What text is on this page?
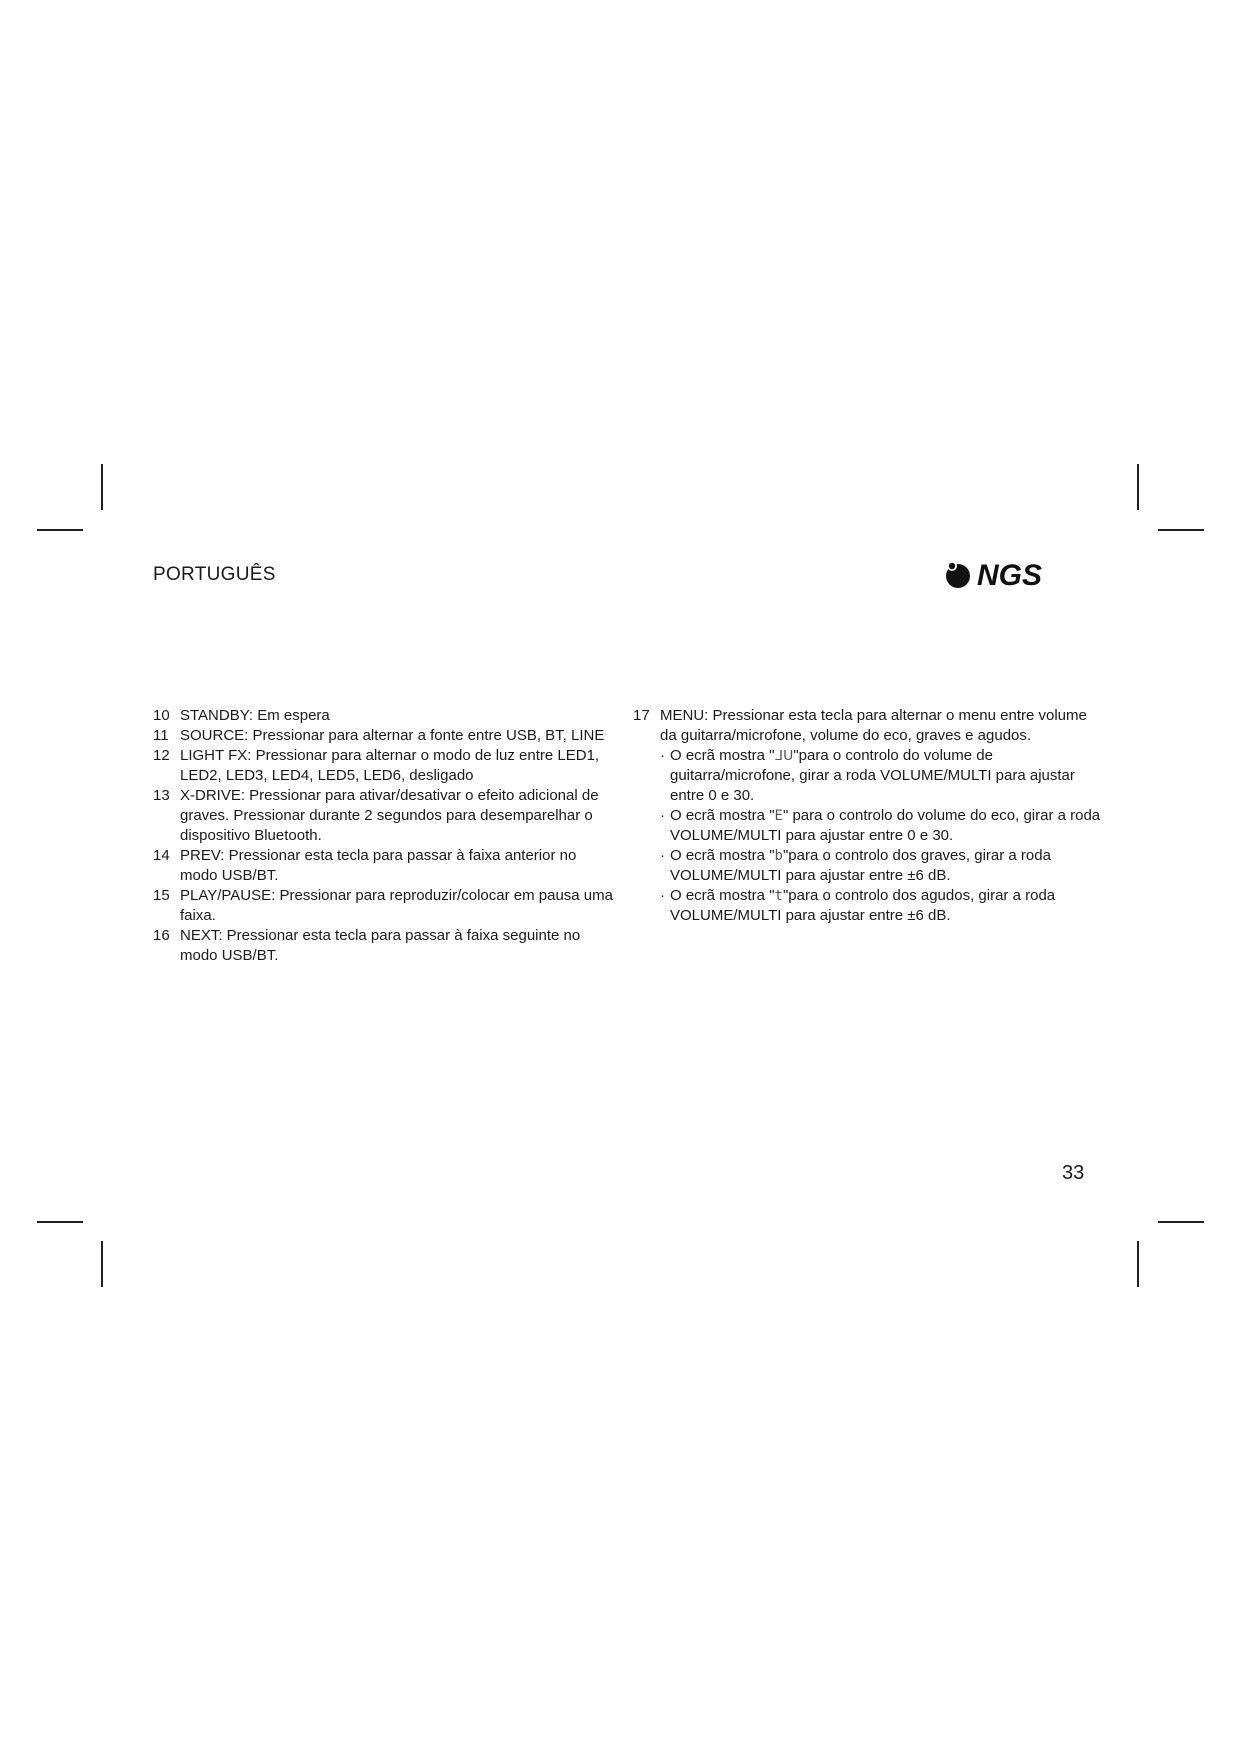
PORTUGUÊS	NGS
10 STANDBY: Em espera
11 SOURCE: Pressionar para alternar a fonte entre USB, BT, LINE
12 LIGHT FX: Pressionar para alternar o modo de luz entre LED1, LED2, LED3, LED4, LED5, LED6, desligado
13 X-DRIVE: Pressionar para ativar/desativar o efeito adicional de graves. Pressionar durante 2 segundos para desemparelhar o dispositivo Bluetooth.
14 PREV: Pressionar esta tecla para passar à faixa anterior no modo USB/BT.
15 PLAY/PAUSE: Pressionar para reproduzir/colocar em pausa uma faixa.
16 NEXT: Pressionar esta tecla para passar à faixa seguinte no modo USB/BT.
17 MENU: Pressionar esta tecla para alternar o menu entre volume da guitarra/microfone, volume do eco, graves e agudos.
· O ecrã mostra "ᒧᑌ"para o controlo do volume de guitarra/microfone, girar a roda VOLUME/MULTI para ajustar entre 0 e 30.
· O ecrã mostra "E" para o controlo do volume do eco, girar a roda VOLUME/MULTI para ajustar entre 0 e 30.
· O ecrã mostra "b"para o controlo dos graves, girar a roda VOLUME/MULTI para ajustar entre ±6 dB.
· O ecrã mostra "t"para o controlo dos agudos, girar a roda VOLUME/MULTI para ajustar entre ±6 dB.
33
